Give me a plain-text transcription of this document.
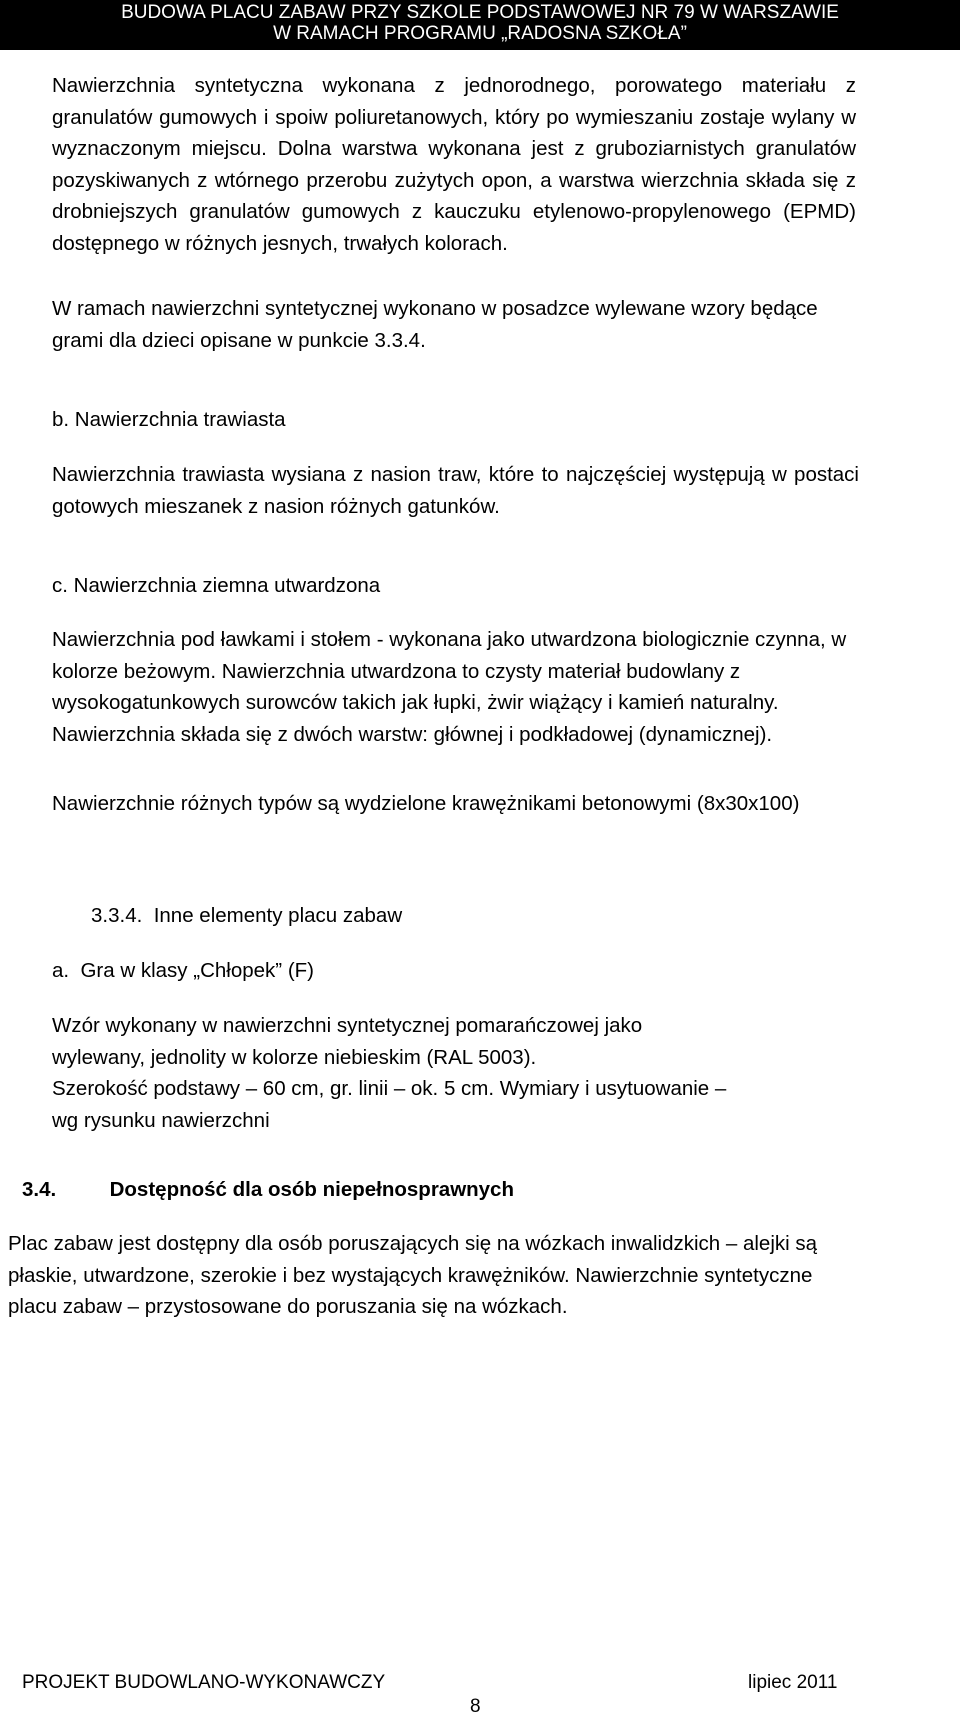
BUDOWA PLACU ZABAW PRZY SZKOLE PODSTAWOWEJ NR 79 W WARSZAWIE
W RAMACH PROGRAMU „RADOSNA SZKOŁA”

Nawierzchnia syntetyczna wykonana z jednorodnego, porowatego materiału z granulatów gumowych i spoiw poliuretanowych, który po wymieszaniu zostaje wylany w wyznaczonym miejscu. Dolna warstwa wykonana jest z gruboziarnistych granulatów pozyskiwanych z wtórnego przerobu zużytych opon, a warstwa wierzchnia składa się z drobniejszych granulatów gumowych z kauczuku etylenowo-propylenowego (EPMD) dostępnego w różnych jesnych, trwałych kolorach.

W ramach nawierzchni syntetycznej wykonano w posadzce wylewane wzory będące grami dla dzieci opisane w punkcie 3.3.4.

b. Nawierzchnia trawiasta

Nawierzchnia trawiasta wysiana z nasion traw, które to najczęściej występują w postaci gotowych mieszanek z nasion różnych gatunków.

c. Nawierzchnia ziemna utwardzona

Nawierzchnia pod ławkami i stołem - wykonana jako utwardzona biologicznie czynna, w kolorze beżowym. Nawierzchnia utwardzona to czysty materiał budowlany z wysokogatunkowych surowców takich jak łupki, żwir wiążący i kamień naturalny. Nawierzchnia składa się z dwóch warstw: głównej i podkładowej (dynamicznej).

Nawierzchnie różnych typów są wydzielone krawężnikami betonowymi (8x30x100)

3.3.4. Inne elementy placu zabaw
a.  Gra w klasy „Chłopek” (F)
Wzór wykonany w nawierzchni syntetycznej pomarańczowej jako
wylewany, jednolity w kolorze niebieskim (RAL 5003).
Szerokość podstawy – 60 cm, gr. linii – ok. 5 cm. Wymiary i usytuowanie –
wg rysunku nawierzchni
3.4.	Dostępność dla osób niepełnosprawnych

Plac zabaw jest dostępny dla osób poruszających się na wózkach inwalidzkich – alejki są płaskie, utwardzone, szerokie i bez wystających krawężników. Nawierzchnie syntetyczne placu zabaw – przystosowane do poruszania się na wózkach.

PROJEKT BUDOWLANO-WYKONAWCZY	lipiec 2011
8
